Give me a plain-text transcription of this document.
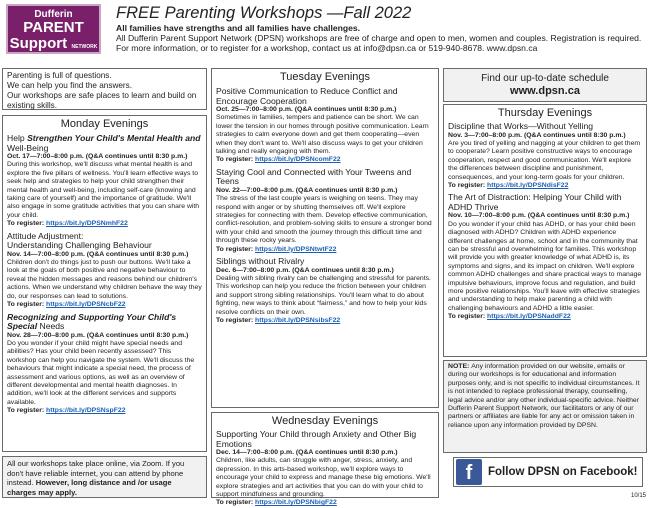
Dufferin
PARENT
Support NETWORK
FREE Parenting Workshops —Fall 2022
All families have strengths and all families have challenges.
All Dufferin Parent Support Network (DPSN) workshops are free of charge and open to men, women and couples. Registration is required.
For more information, or to register for a workshop, contact us at info@dpsn.ca or 519-940-8678. www.dpsn.ca
Parenting is full of questions.
We can help you find the answers.
Our workshops are safe places to learn and build on existing skills.
Monday Evenings
Help Strengthen Your Child's Mental Health and Well-Being
Oct. 17—7:00–8:00 p.m. (Q&A continues until 8:30 p.m.)
During this workshop, we'll discuss what mental health is and explore the five pillars of wellness. You'll learn effective ways to seek help and strategies to help your child strengthen their mental health and well-being, including self-care (knowing and taking care of yourself) and the importance of gratitude. We'll also engage in some gratitude activities that you can share with your child.
To register: https://bit.ly/DPSNmhF22
Attitude Adjustment:
Understanding Challenging Behaviour
Nov. 14—7:00–8:00 p.m. (Q&A continues until 8:30 p.m.)
Children don't do things just to push our buttons. We'll take a look at the goals of both positive and negative behaviour to reveal the hidden messages and reasons behind our children's actions. When we understand why children behave the way they do, our responses can lead to solutions.
To register: https://bit.ly/DPSNcbF22
Recognizing and Supporting Your Child's Special Needs
Nov. 28—7:00–8:00 p.m. (Q&A continues until 8:30 p.m.)
Do you wonder if your child might have special needs and abilities? Has your child been recently assessed? This workshop can help you navigate the system. We'll discuss the behaviours that might indicate a special need, the process of assessment and various options, as well as an overview of different developmental and mental health diagnoses. In addition, we'll look at the different services and supports available.
To register: https://bit.ly/DPSNspF22
All our workshops take place online, via Zoom. If you don't have reliable internet, you can attend by phone instead. However, long distance and /or usage charges may apply.
Tuesday Evenings
Positive Communication to Reduce Conflict and Encourage Cooperation
Oct. 25—7:00–8:00 p.m. (Q&A continues until 8:30 p.m.)
Sometimes in families, tempers and patience can be short. We can lower the tension in our homes through positive communication. Learn strategies to calm everyone down and get them cooperating—even when they don't want to. We'll also discuss ways to get your children talking and really engaging with them.
To register: https://bit.ly/DPSNcomF22
Staying Cool and Connected with Your Tweens and Teens
Nov. 22—7:00–8:00 p.m. (Q&A continues until 8:30 p.m.)
The stress of the last couple years is weighing on teens. They may respond with anger or by shutting themselves off. We'll explore strategies for connecting with them. Develop effective communication, conflict-resolution, and problem-solving skills to ensure a stronger bond with your child and smooth the journey through this difficult time and through these rocky years.
To register: https://bit.ly/DPSNtwtF22
Siblings without Rivalry
Dec. 6—7:00–8:00 p.m. (Q&A continues until 8:30 p.m.)
Dealing with sibling rivalry can be challenging and stressful for parents. This workshop can help you reduce the friction between your children and support strong sibling relationships. You'll learn what to do about fighting, new ways to think about “fairness,” and how to help your kids resolve conflicts on their own.
To register: https://bit.ly/DPSNsibsF22
Wednesday Evenings
Supporting Your Child through Anxiety and Other Big Emotions
Dec. 14—7:00–8:00 p.m. (Q&A continues until 8:30 p.m.)
Children, like adults, can struggle with anger, stress, anxiety, and depression. In this arts-based workshop, we'll explore ways to encourage your child to express and manage these big emotions. We'll explore strategies and art activities that you can do with your child to support mindfulness and grounding.
To register: https://bit.ly/DPSNbigF22
Find our up-to-date schedule
www.dpsn.ca
Thursday Evenings
Discipline that Works—Without Yelling
Nov. 3—7:00–8:00 p.m. (Q&A continues until 8:30 p.m.)
Are you tired of yelling and nagging at your children to get them to cooperate? Learn positive constructive ways to encourage cooperation, respect and good communication. We'll explore the differences between discipline and punishment, consequences, and your long-term goals for your children.
To register: https://bit.ly/DPSNdisF22
The Art of Distraction: Helping Your Child with ADHD Thrive
Nov. 10—7:00–8:00 p.m. (Q&A continues until 8:30 p.m.)
Do you wonder if your child has ADHD, or has your child been diagnosed with ADHD? Children with ADHD experience different challenges at home, school and in the community that can be stressful and overwhelming for families. This workshop will provide you with greater knowledge of what ADHD is, its symptoms and signs, and its impact on children. We'll explore common ADHD challenges and share practical ways to manage impulsive behaviours, improve focus and regulation, and build more positive relationships. You'll leave with effective strategies and understanding to help make parenting a child with challenging behaviours and ADHD a little easier.
To register: https://bit.ly/DPSNaddF22
NOTE: Any information provided on our website, emails or during our workshops is for educational and information purposes only, and is not specific to individual circumstances. It is not intended to replace professional therapy, counselling, legal advice and/or any other individual-specific advice. Neither Dufferin Parent Support Network, our facilitators or any of our partners or affiliates are liable for any act or omission taken in reliance upon any information provided by DPSN.
f	Follow DPSN on Facebook!
10/15
